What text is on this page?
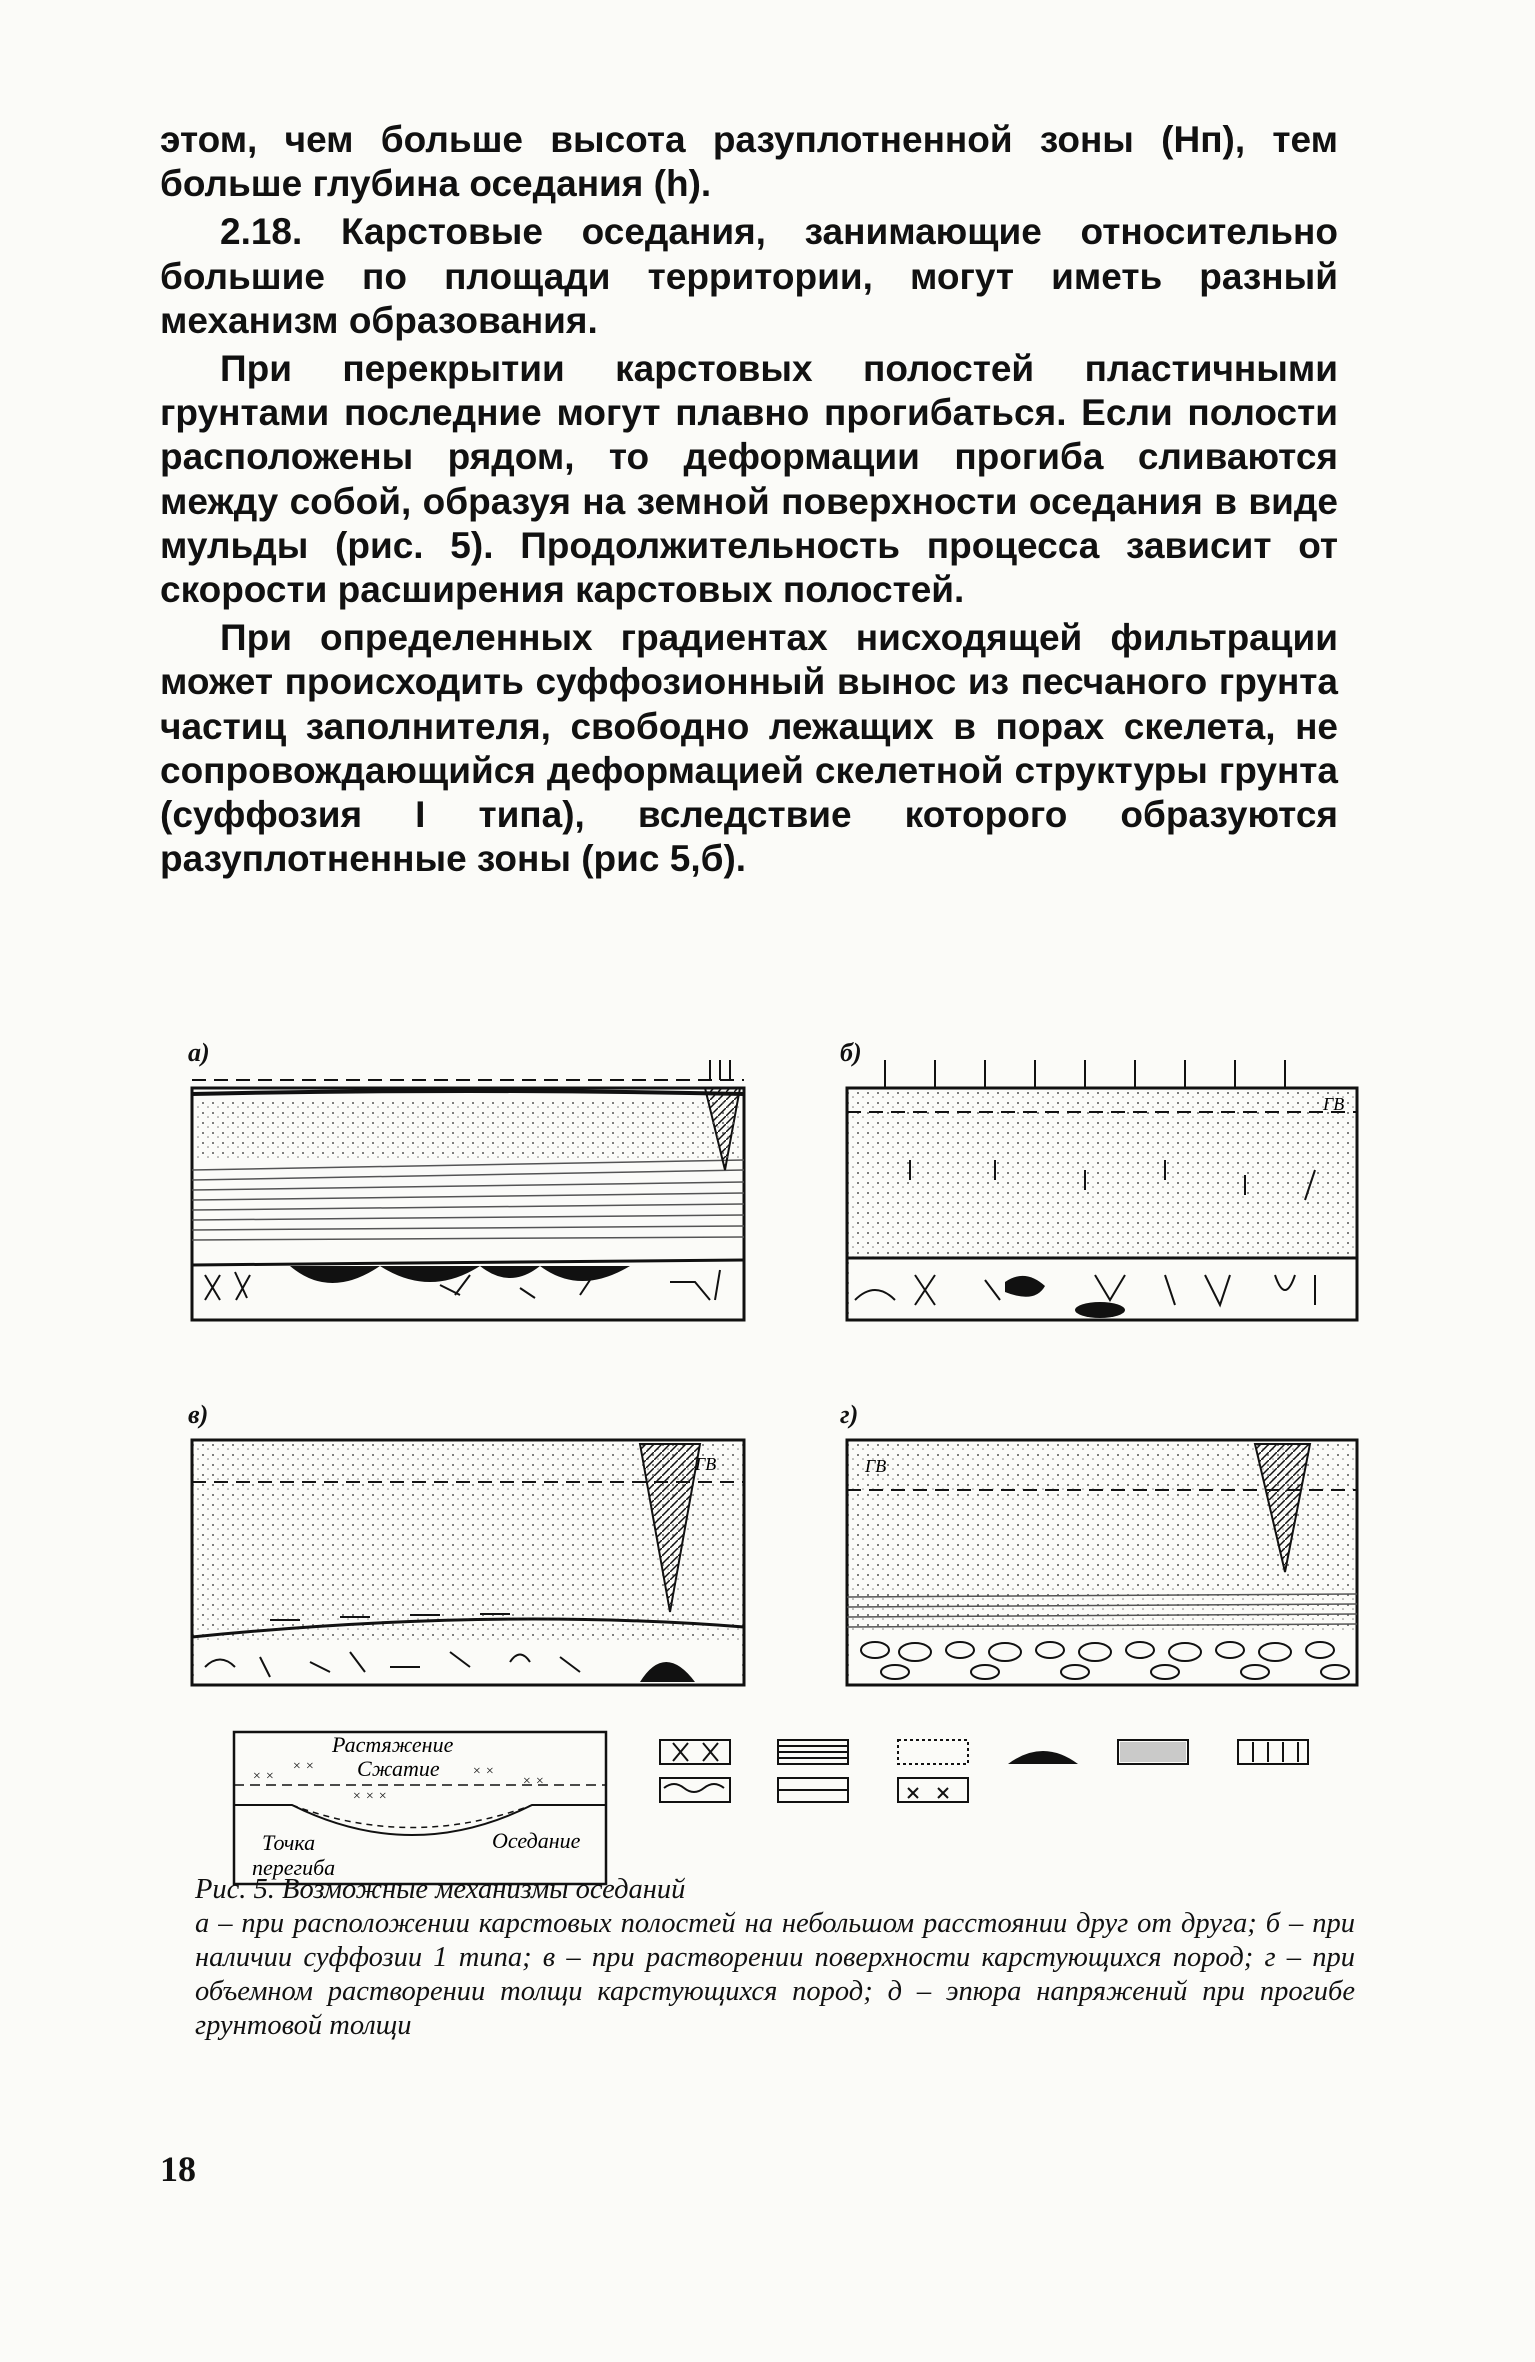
этом, чем больше высота разуплотненной зоны (Hп), тем больше глубина оседания (h).

2.18. Карстовые оседания, занимающие относительно большие по площади территории, могут иметь разный механизм образования.

При перекрытии карстовых полостей пластичными грунтами последние могут плавно прогибаться. Если полости расположены рядом, то деформации прогиба сливаются между собой, образуя на земной поверхности оседания в виде мульды (рис. 5). Продолжительность процесса зависит от скорости расширения карстовых полостей.

При определенных градиентах нисходящей фильтрации может происходить суффозионный вынос из песчаного грунта частиц заполнителя, свободно лежащих в порах скелета, не сопровождающийся деформацией скелетной структуры грунта (суффозия I типа), вследствие которого образуются разуплотненные зоны (рис 5,б).

а)	б)
ГВ
в)
ГВ
г)
ГВ
× ×
× ×
× × ×
× ×
× ×
Растяжение
Сжатие
Точка
перегиба
Оседание
Рис. 5. Возможные механизмы оседаний
а – при расположении карстовых полостей на небольшом расстоянии друг от друга; б – при наличии суффозии 1 типа; в – при растворении поверхности карстующихся пород; г – при объемном растворении толщи карстующихся пород; д – эпюра напряжений при прогибе грунтовой толщи
18
